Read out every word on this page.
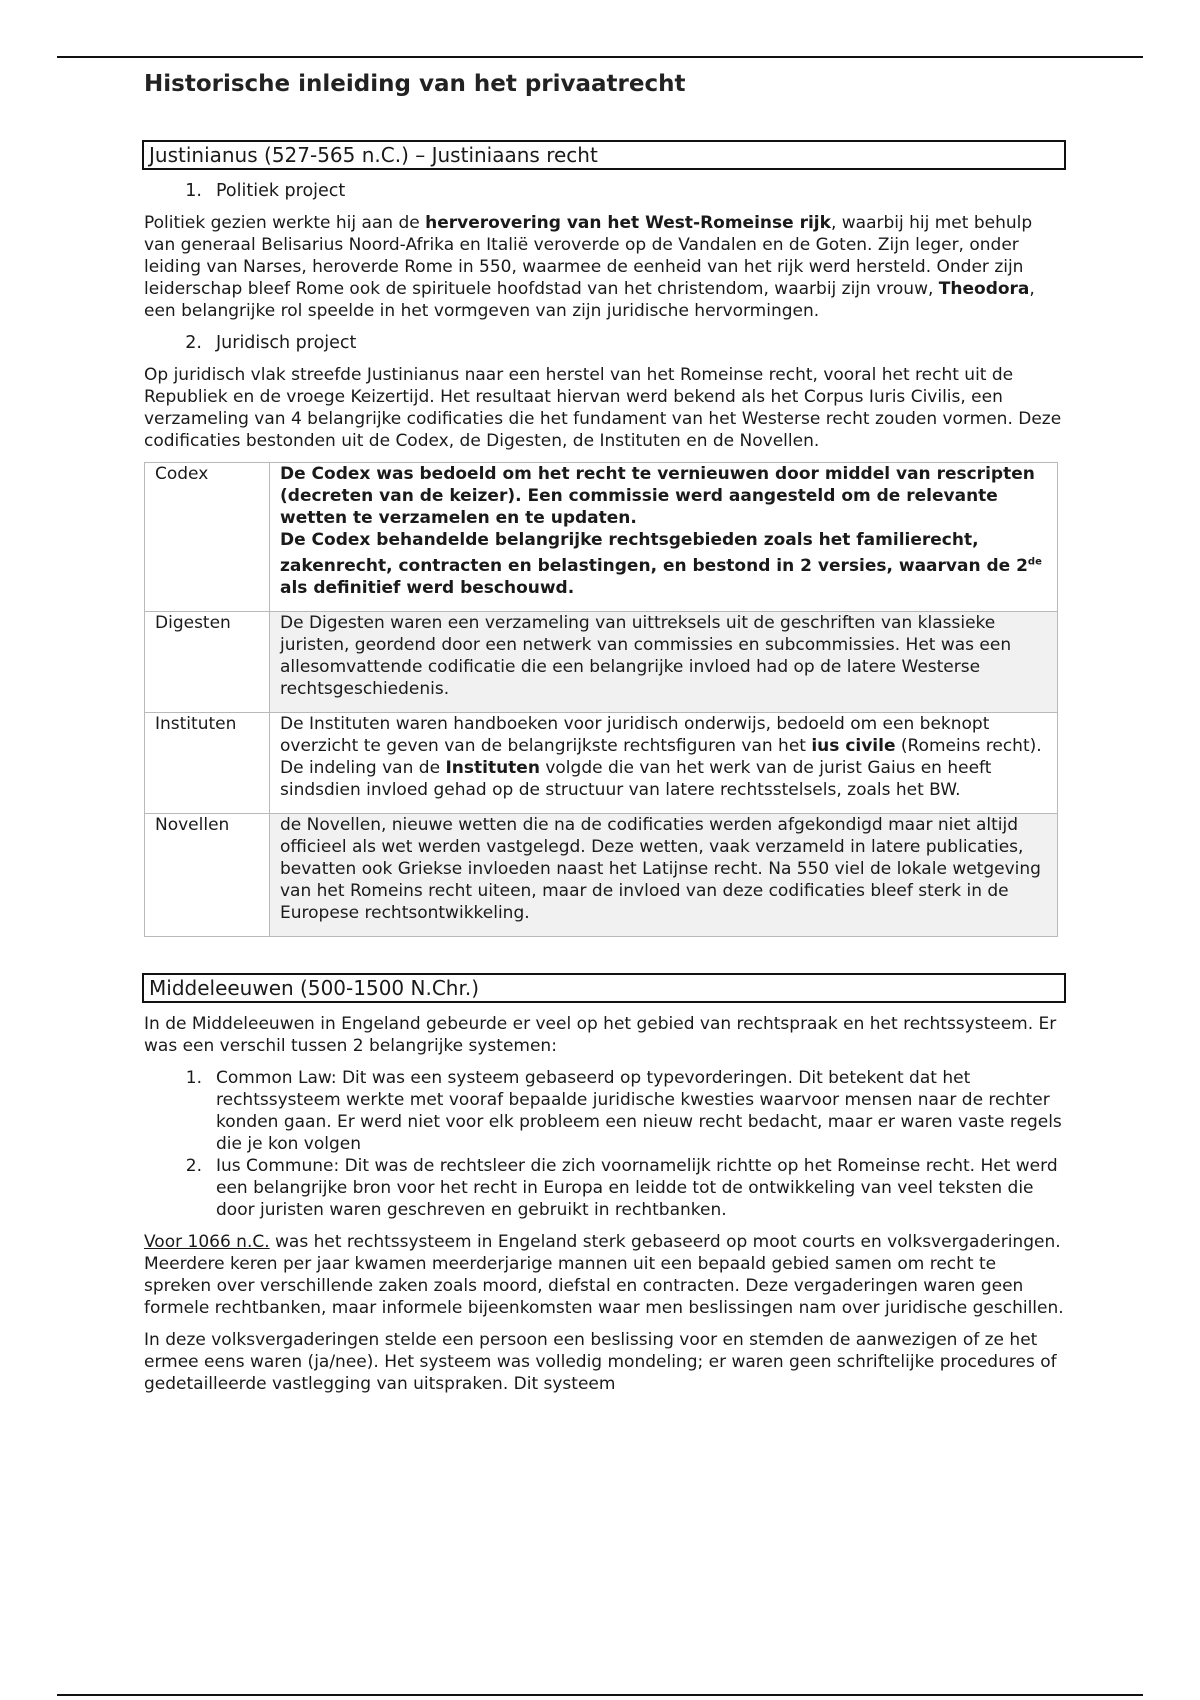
Historische inleiding van het privaatrecht
Justinianus (527-565 n.C.) – Justiniaans recht
1. Politiek project

Politiek gezien werkte hij aan de herverovering van het West-Romeinse rijk, waarbij hij met behulp van generaal Belisarius Noord-Afrika en Italië veroverde op de Vandalen en de Goten. Zijn leger, onder leiding van Narses, heroverde Rome in 550, waarmee de eenheid van het rijk werd hersteld. Onder zijn leiderschap bleef Rome ook de spirituele hoofdstad van het christendom, waarbij zijn vrouw, Theodora, een belangrijke rol speelde in het vormgeven van zijn juridische hervormingen.

2. Juridisch project

Op juridisch vlak streefde Justinianus naar een herstel van het Romeinse recht, vooral het recht uit de Republiek en de vroege Keizertijd. Het resultaat hiervan werd bekend als het Corpus Iuris Civilis, een verzameling van 4 belangrijke codificaties die het fundament van het Westerse recht zouden vormen. Deze codificaties bestonden uit de Codex, de Digesten, de Instituten en de Novellen.

Codex	De Codex was bedoeld om het recht te vernieuwen door middel van rescripten (decreten van de keizer). Een commissie werd aangesteld om de relevante wetten te verzamelen en te updaten.
De Codex behandelde belangrijke rechtsgebieden zoals het familierecht, zakenrecht, contracten en belastingen, en bestond in 2 versies, waarvan de 2de als definitief werd beschouwd.
Digesten	De Digesten waren een verzameling van uittreksels uit de geschriften van klassieke juristen, geordend door een netwerk van commissies en subcommissies. Het was een allesomvattende codificatie die een belangrijke invloed had op de latere Westerse rechtsgeschiedenis.
Instituten	De Instituten waren handboeken voor juridisch onderwijs, bedoeld om een beknopt overzicht te geven van de belangrijkste rechtsfiguren van het ius civile (Romeins recht). De indeling van de Instituten volgde die van het werk van de jurist Gaius en heeft sindsdien invloed gehad op de structuur van latere rechtsstelsels, zoals het BW.
Novellen	de Novellen, nieuwe wetten die na de codificaties werden afgekondigd maar niet altijd officieel als wet werden vastgelegd. Deze wetten, vaak verzameld in latere publicaties, bevatten ook Griekse invloeden naast het Latijnse recht. Na 550 viel de lokale wetgeving van het Romeins recht uiteen, maar de invloed van deze codificaties bleef sterk in de Europese rechtsontwikkeling.
Middeleeuwen (500-1500 N.Chr.)

In de Middeleeuwen in Engeland gebeurde er veel op het gebied van rechtspraak en het rechtssysteem. Er was een verschil tussen 2 belangrijke systemen:

1. Common Law: Dit was een systeem gebaseerd op typevorderingen. Dit betekent dat het rechtssysteem werkte met vooraf bepaalde juridische kwesties waarvoor mensen naar de rechter konden gaan. Er werd niet voor elk probleem een nieuw recht bedacht, maar er waren vaste regels die je kon volgen
2. Ius Commune: Dit was de rechtsleer die zich voornamelijk richtte op het Romeinse recht. Het werd een belangrijke bron voor het recht in Europa en leidde tot de ontwikkeling van veel teksten die door juristen waren geschreven en gebruikt in rechtbanken.

Voor 1066 n.C. was het rechtssysteem in Engeland sterk gebaseerd op moot courts en volksvergaderingen. Meerdere keren per jaar kwamen meerderjarige mannen uit een bepaald gebied samen om recht te spreken over verschillende zaken zoals moord, diefstal en contracten. Deze vergaderingen waren geen formele rechtbanken, maar informele bijeenkomsten waar men beslissingen nam over juridische geschillen.

In deze volksvergaderingen stelde een persoon een beslissing voor en stemden de aanwezigen of ze het ermee eens waren (ja/nee). Het systeem was volledig mondeling; er waren geen schriftelijke procedures of gedetailleerde vastlegging van uitspraken. Dit systeem
